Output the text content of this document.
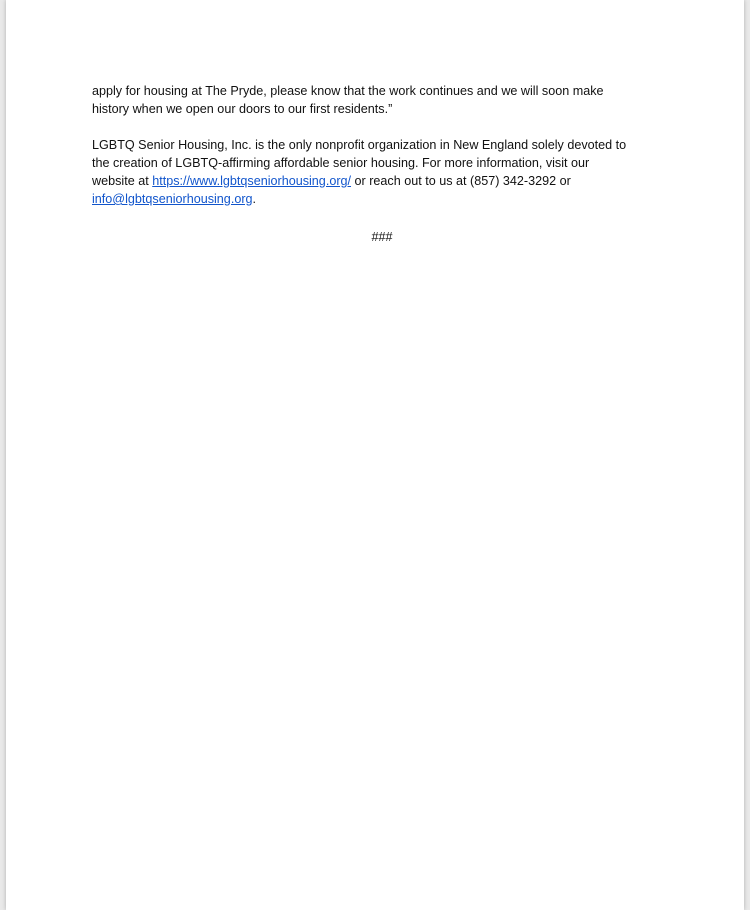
apply for housing at The Pryde, please know that the work continues and we will soon make
history when we open our doors to our first residents.”

LGBTQ Senior Housing, Inc. is the only nonprofit organization in New England solely devoted to
the creation of LGBTQ-affirming affordable senior housing. For more information, visit our
website at https://www.lgbtqseniorhousing.org/ or reach out to us at (857) 342-3292 or
info@lgbtqseniorhousing.org.

###
